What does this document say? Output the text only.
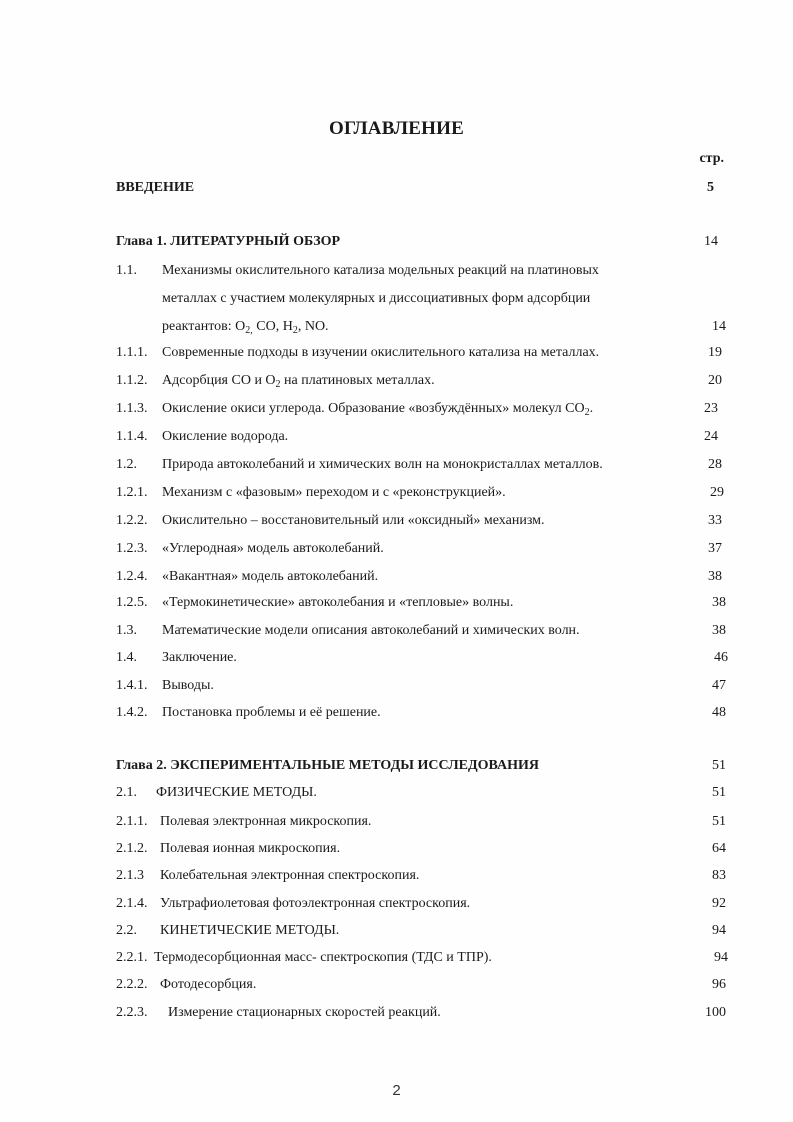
ОГЛАВЛЕНИЕ
стр.
ВВЕДЕНИЕ	5
Глава 1. ЛИТЕРАТУРНЫЙ ОБЗОР	14
1.1. Механизмы окислительного катализа модельных реакций на платиновых
металлах с участием молекулярных и диссоциативных форм адсорбции
реактантов: $O_{2,}$ CO, $H_2$, NO.	14
1.1.1. Современные подходы в изучении окислительного катализа на металлах.	19
1.1.2. Адсорбция CO и $O_2$ на платиновых металлах.	20
1.1.3. Окисление окиси углерода. Образование «возбуждённых» молекул $CO_2$.	23
1.1.4. Окисление водорода.	24
1.2. Природа автоколебаний и химических волн на монокристаллах металлов.	28
1.2.1. Механизм с «фазовым» переходом и с «реконструкцией».	29
1.2.2. Окислительно – восстановительный или «оксидный» механизм.	33
1.2.3. «Углеродная» модель автоколебаний.	37
1.2.4. «Вакантная» модель автоколебаний.	38
1.2.5. «Термокинетические» автоколебания и «тепловые» волны.	38
1.3. Математические модели описания автоколебаний и химических волн.	38
1.4. Заключение.	46
1.4.1. Выводы.	47
1.4.2. Постановка проблемы и её решение.	48
Глава 2. ЭКСПЕРИМЕНТАЛЬНЫЕ МЕТОДЫ ИССЛЕДОВАНИЯ	51
2.1. ФИЗИЧЕСКИЕ МЕТОДЫ.	51
2.1.1. Полевая электронная микроскопия.	51
2.1.2. Полевая ионная микроскопия.	64
2.1.3 Колебательная электронная спектроскопия.	83
2.1.4. Ультрафиолетовая фотоэлектронная спектроскопия.	92
2.2. КИНЕТИЧЕСКИЕ МЕТОДЫ.	94
2.2.1. Термодесорбционная масс- спектроскопия (ТДС и ТПР).	94
2.2.2. Фотодесорбция.	96
2.2.3. Измерение стационарных скоростей реакций.	100
2
